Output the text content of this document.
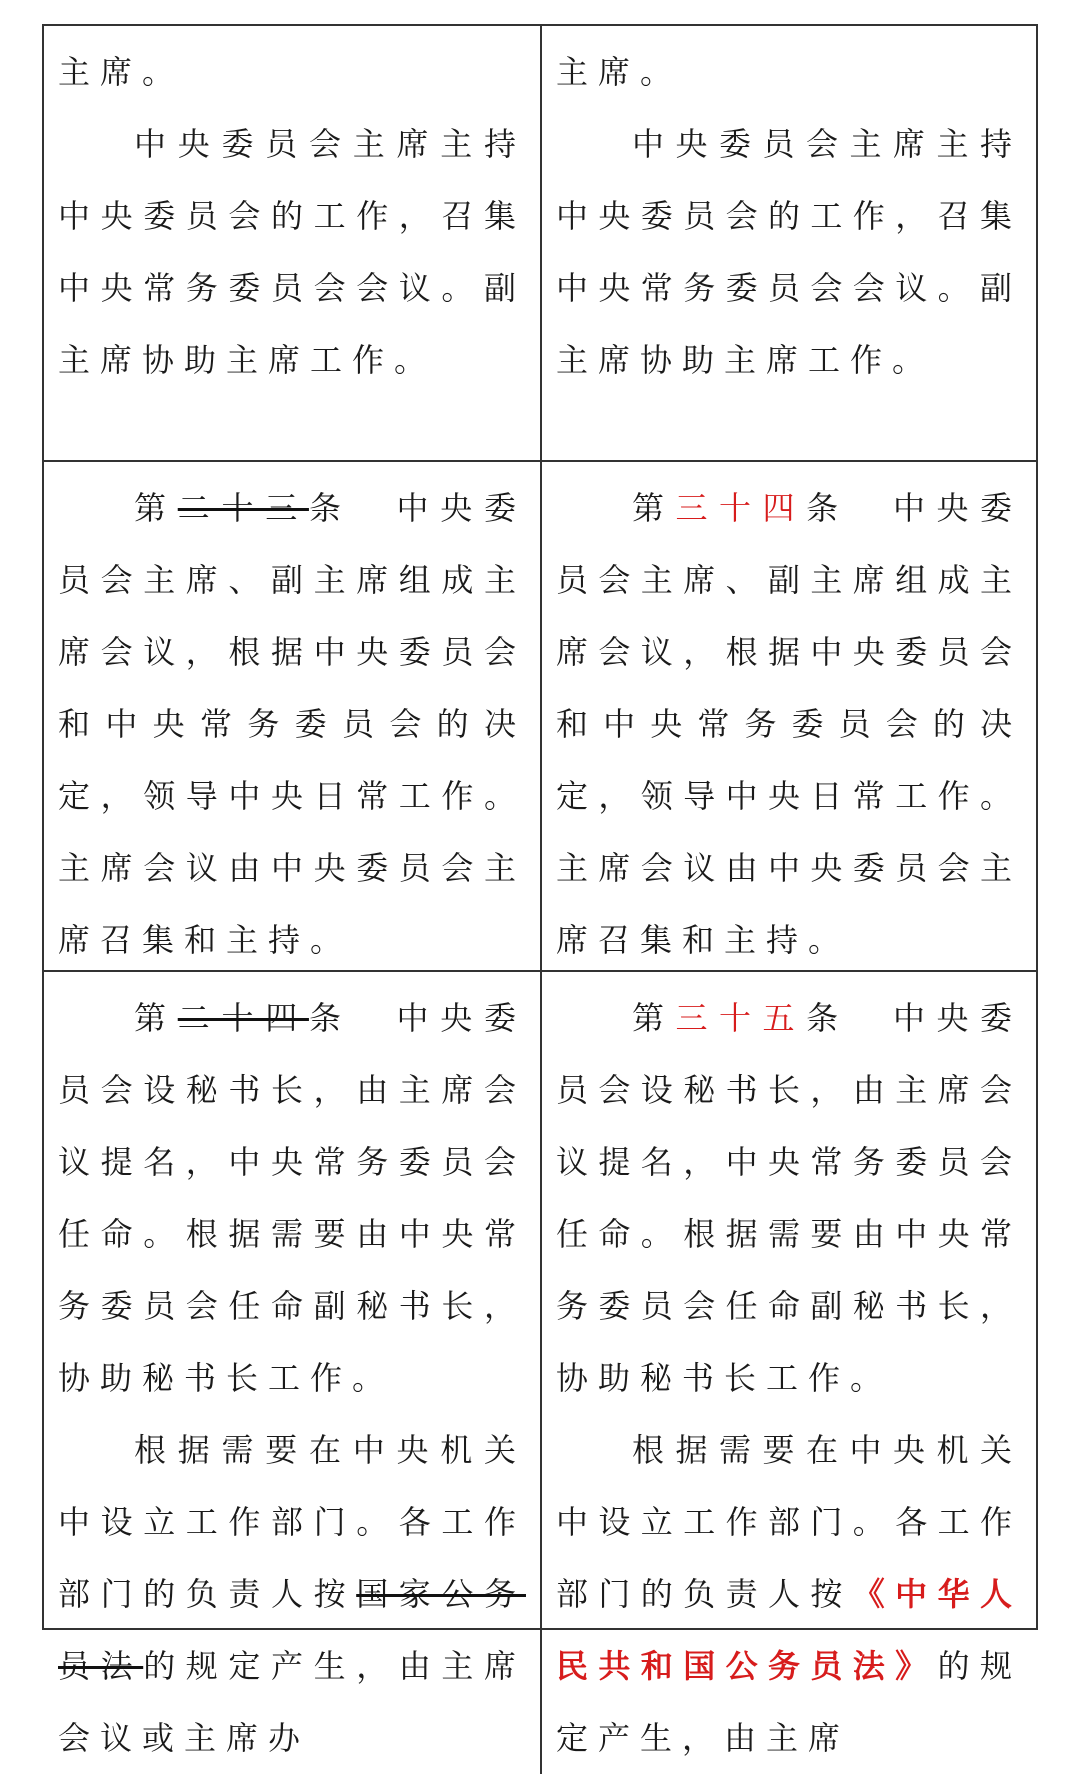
主席。

中央委员会主席主持中央委员会的工作，召集中央常务委员会会议。副主席协助主席工作。

主席。

中央委员会主席主持中央委员会的工作，召集中央常务委员会会议。副主席协助主席工作。

第二十三条 中央委员会主席、副主席组成主席会议，根据中央委员会和中央常务委员会的决定，领导中央日常工作。主席会议由中央委员会主席召集和主持。

第三十四条 中央委员会主席、副主席组成主席会议，根据中央委员会和中央常务委员会的决定，领导中央日常工作。主席会议由中央委员会主席召集和主持。

第二十四条 中央委员会设秘书长，由主席会议提名，中央常务委员会任命。根据需要由中央常务委员会任命副秘书长，协助秘书长工作。

根据需要在中央机关中设立工作部门。各工作部门的负责人按国家公务员法的规定产生，由主席会议或主席办

第三十五条 中央委员会设秘书长，由主席会议提名，中央常务委员会任命。根据需要由中央常务委员会任命副秘书长，协助秘书长工作。

根据需要在中央机关中设立工作部门。各工作部门的负责人按《中华人民共和国公务员法》的规定产生，由主席
